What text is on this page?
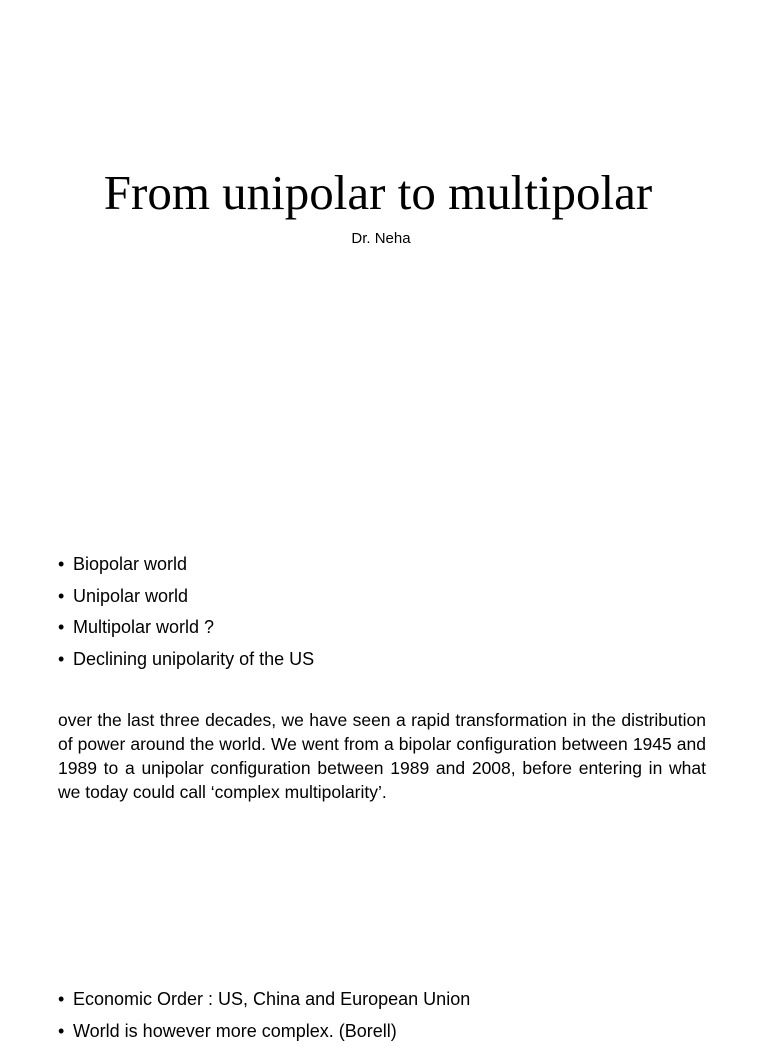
From unipolar to multipolar
Dr. Neha
• Biopolar world
• Unipolar world
• Multipolar world ?
• Declining unipolarity of the US

over the last three decades, we have seen a rapid transformation in the distribution of power around the world. We went from a bipolar configuration between 1945 and 1989 to a unipolar configuration between 1989 and 2008, before entering in what we today could call ‘complex multipolarity’.

• Economic Order : US, China and European Union
• World is however more complex. (Borell)
